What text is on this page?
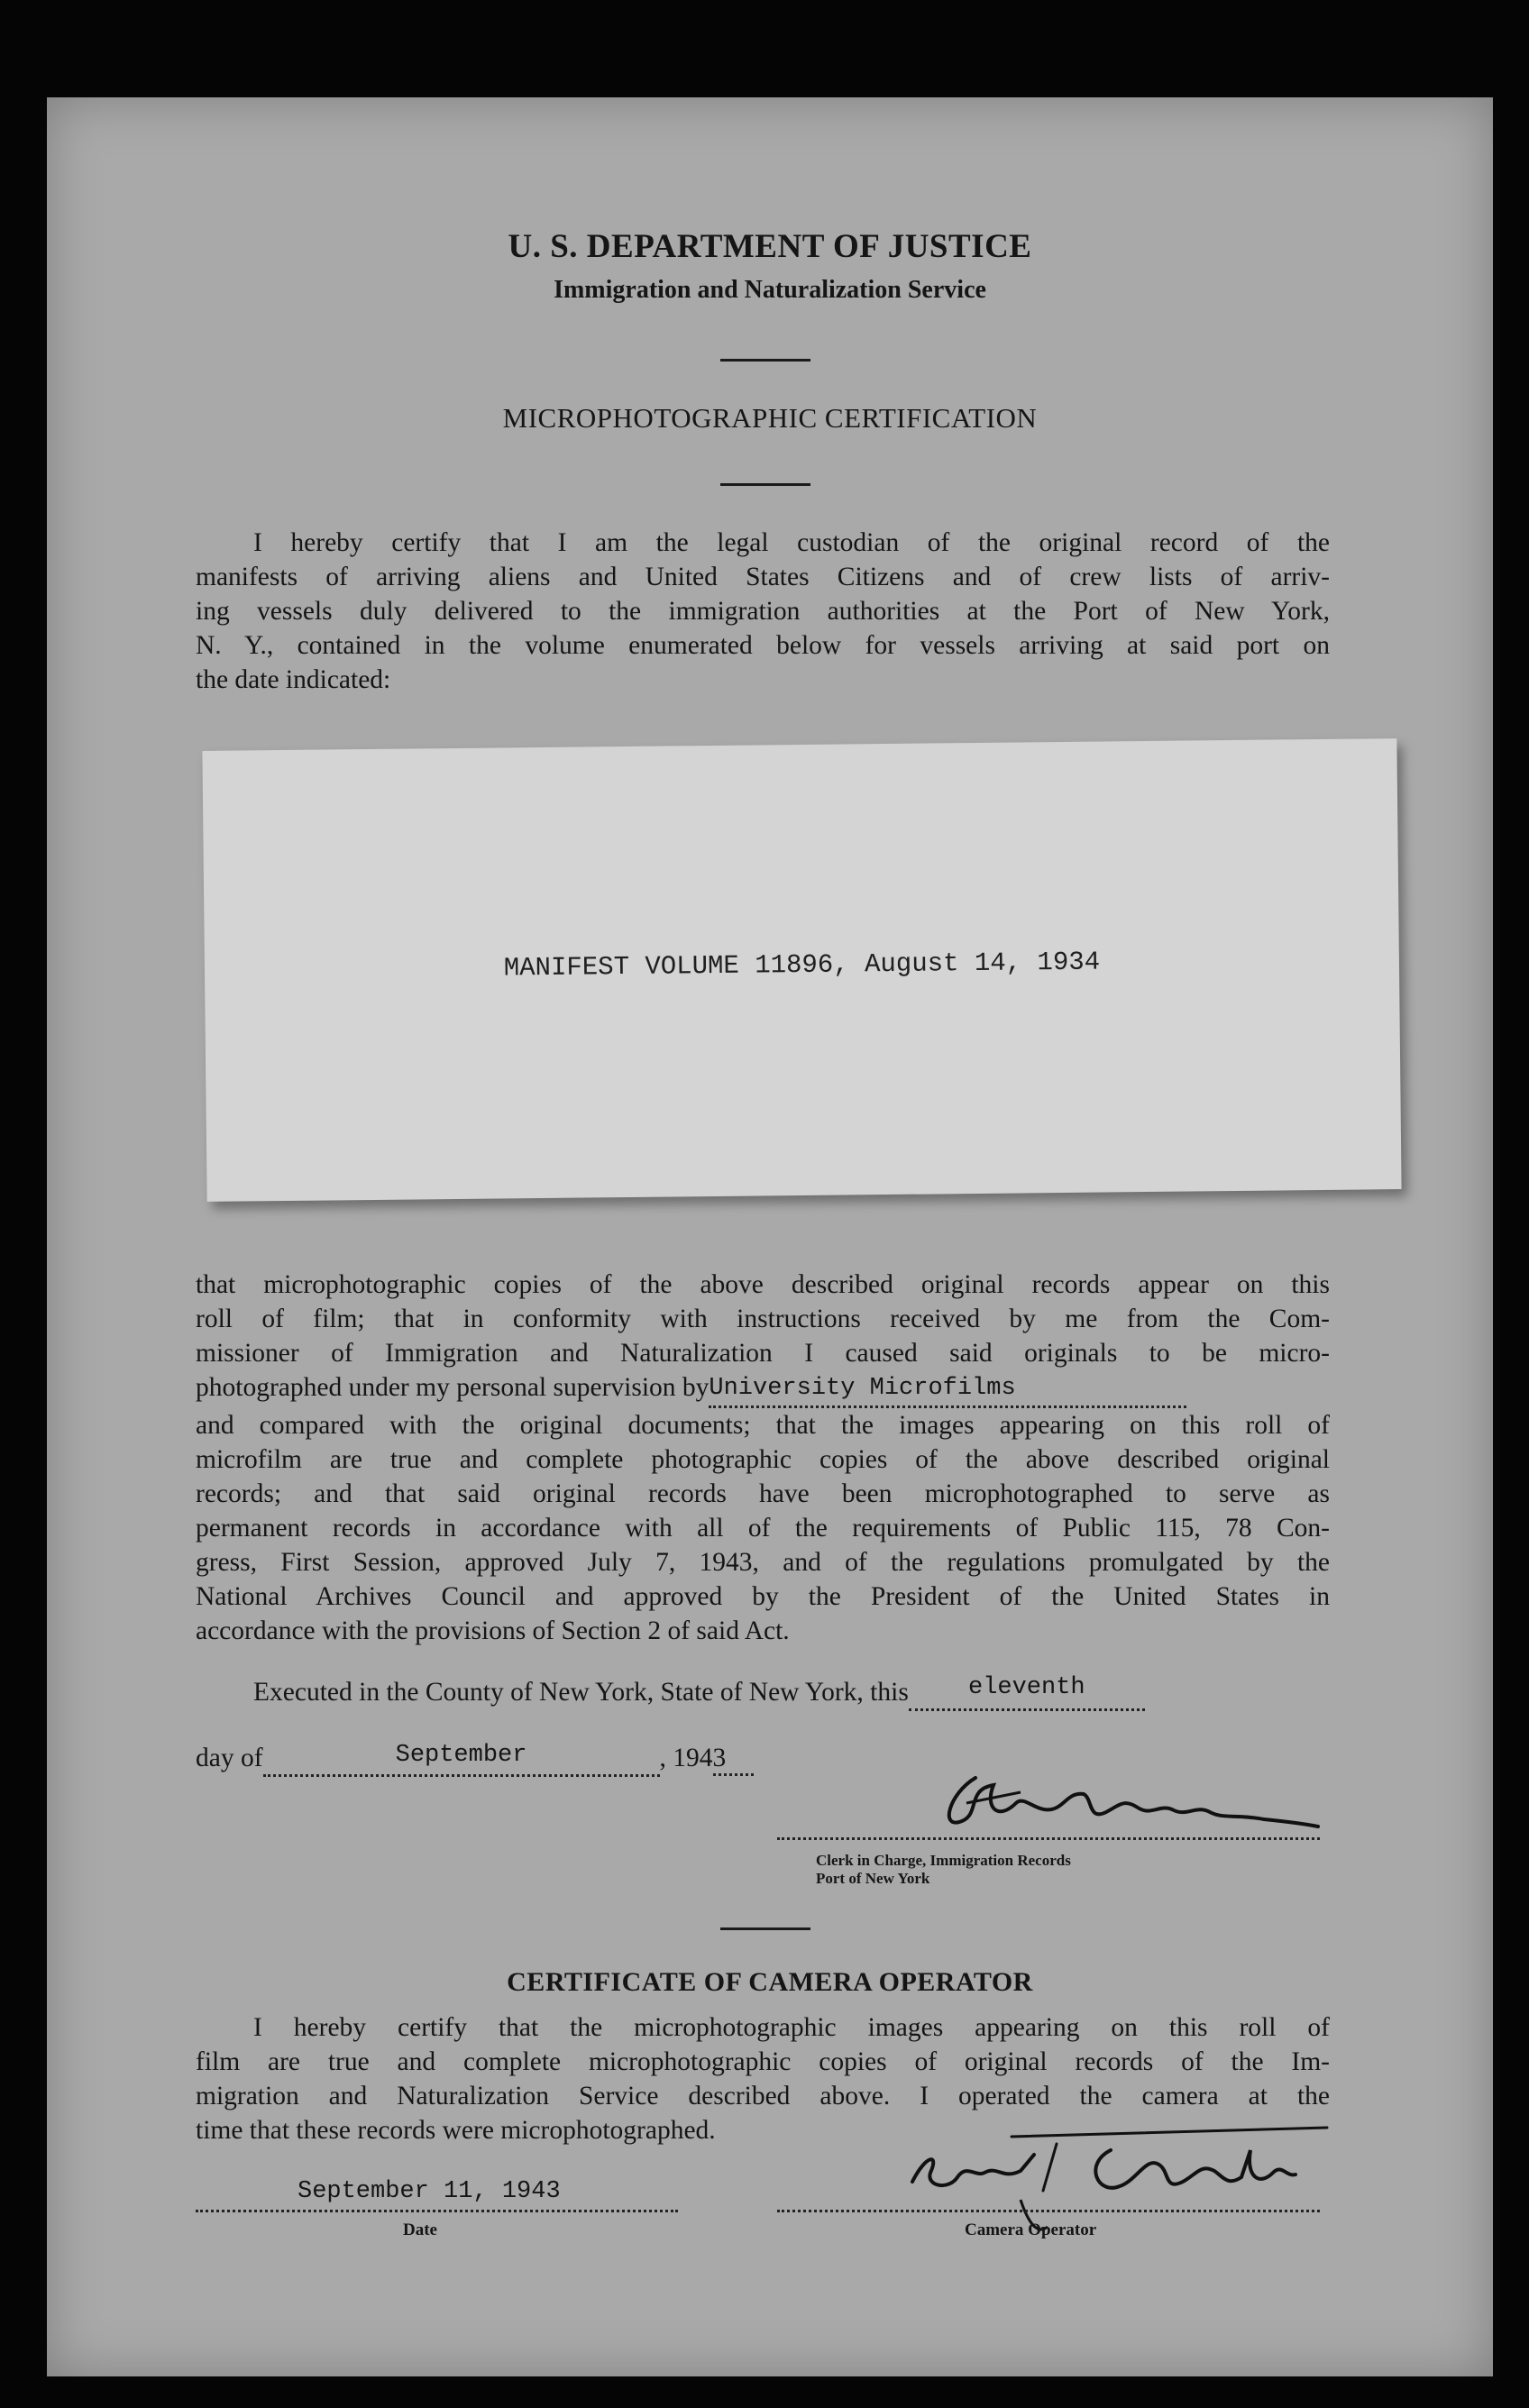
U. S. DEPARTMENT OF JUSTICE
Immigration and Naturalization Service
MICROPHOTOGRAPHIC CERTIFICATION
I hereby certify that I am the legal custodian of the original record of the
manifests of arriving aliens and United States Citizens and of crew lists of arriv-
ing vessels duly delivered to the immigration authorities at the Port of New York,
N. Y., contained in the volume enumerated below for vessels arriving at said port on
the date indicated:
MANIFEST VOLUME 11896, August 14, 1934
that microphotographic copies of the above described original records appear on this
roll of film; that in conformity with instructions received by me from the Com-
missioner of Immigration and Naturalization I caused said originals to be micro-
photographed under my personal supervision byUniversity Microfilms
and compared with the original documents; that the images appearing on this roll of
microfilm are true and complete photographic copies of the above described original
records; and that said original records have been microphotographed to serve as
permanent records in accordance with all of the requirements of Public 115, 78 Con-
gress, First Session, approved July 7, 1943, and of the regulations promulgated by the
National Archives Council and approved by the President of the United States in
accordance with the provisions of Section 2 of said Act.
Executed in the County of New York, State of New York, this eleventh
day of	September	, 1943
Clerk in Charge, Immigration Records
Port of New York
CERTIFICATE OF CAMERA OPERATOR
I hereby certify that the microphotographic images appearing on this roll of
film are true and complete microphotographic copies of original records of the Im-
migration and Naturalization Service described above. I operated the camera at the
time that these records were microphotographed.
September 11, 1943
Date	Camera Operator
